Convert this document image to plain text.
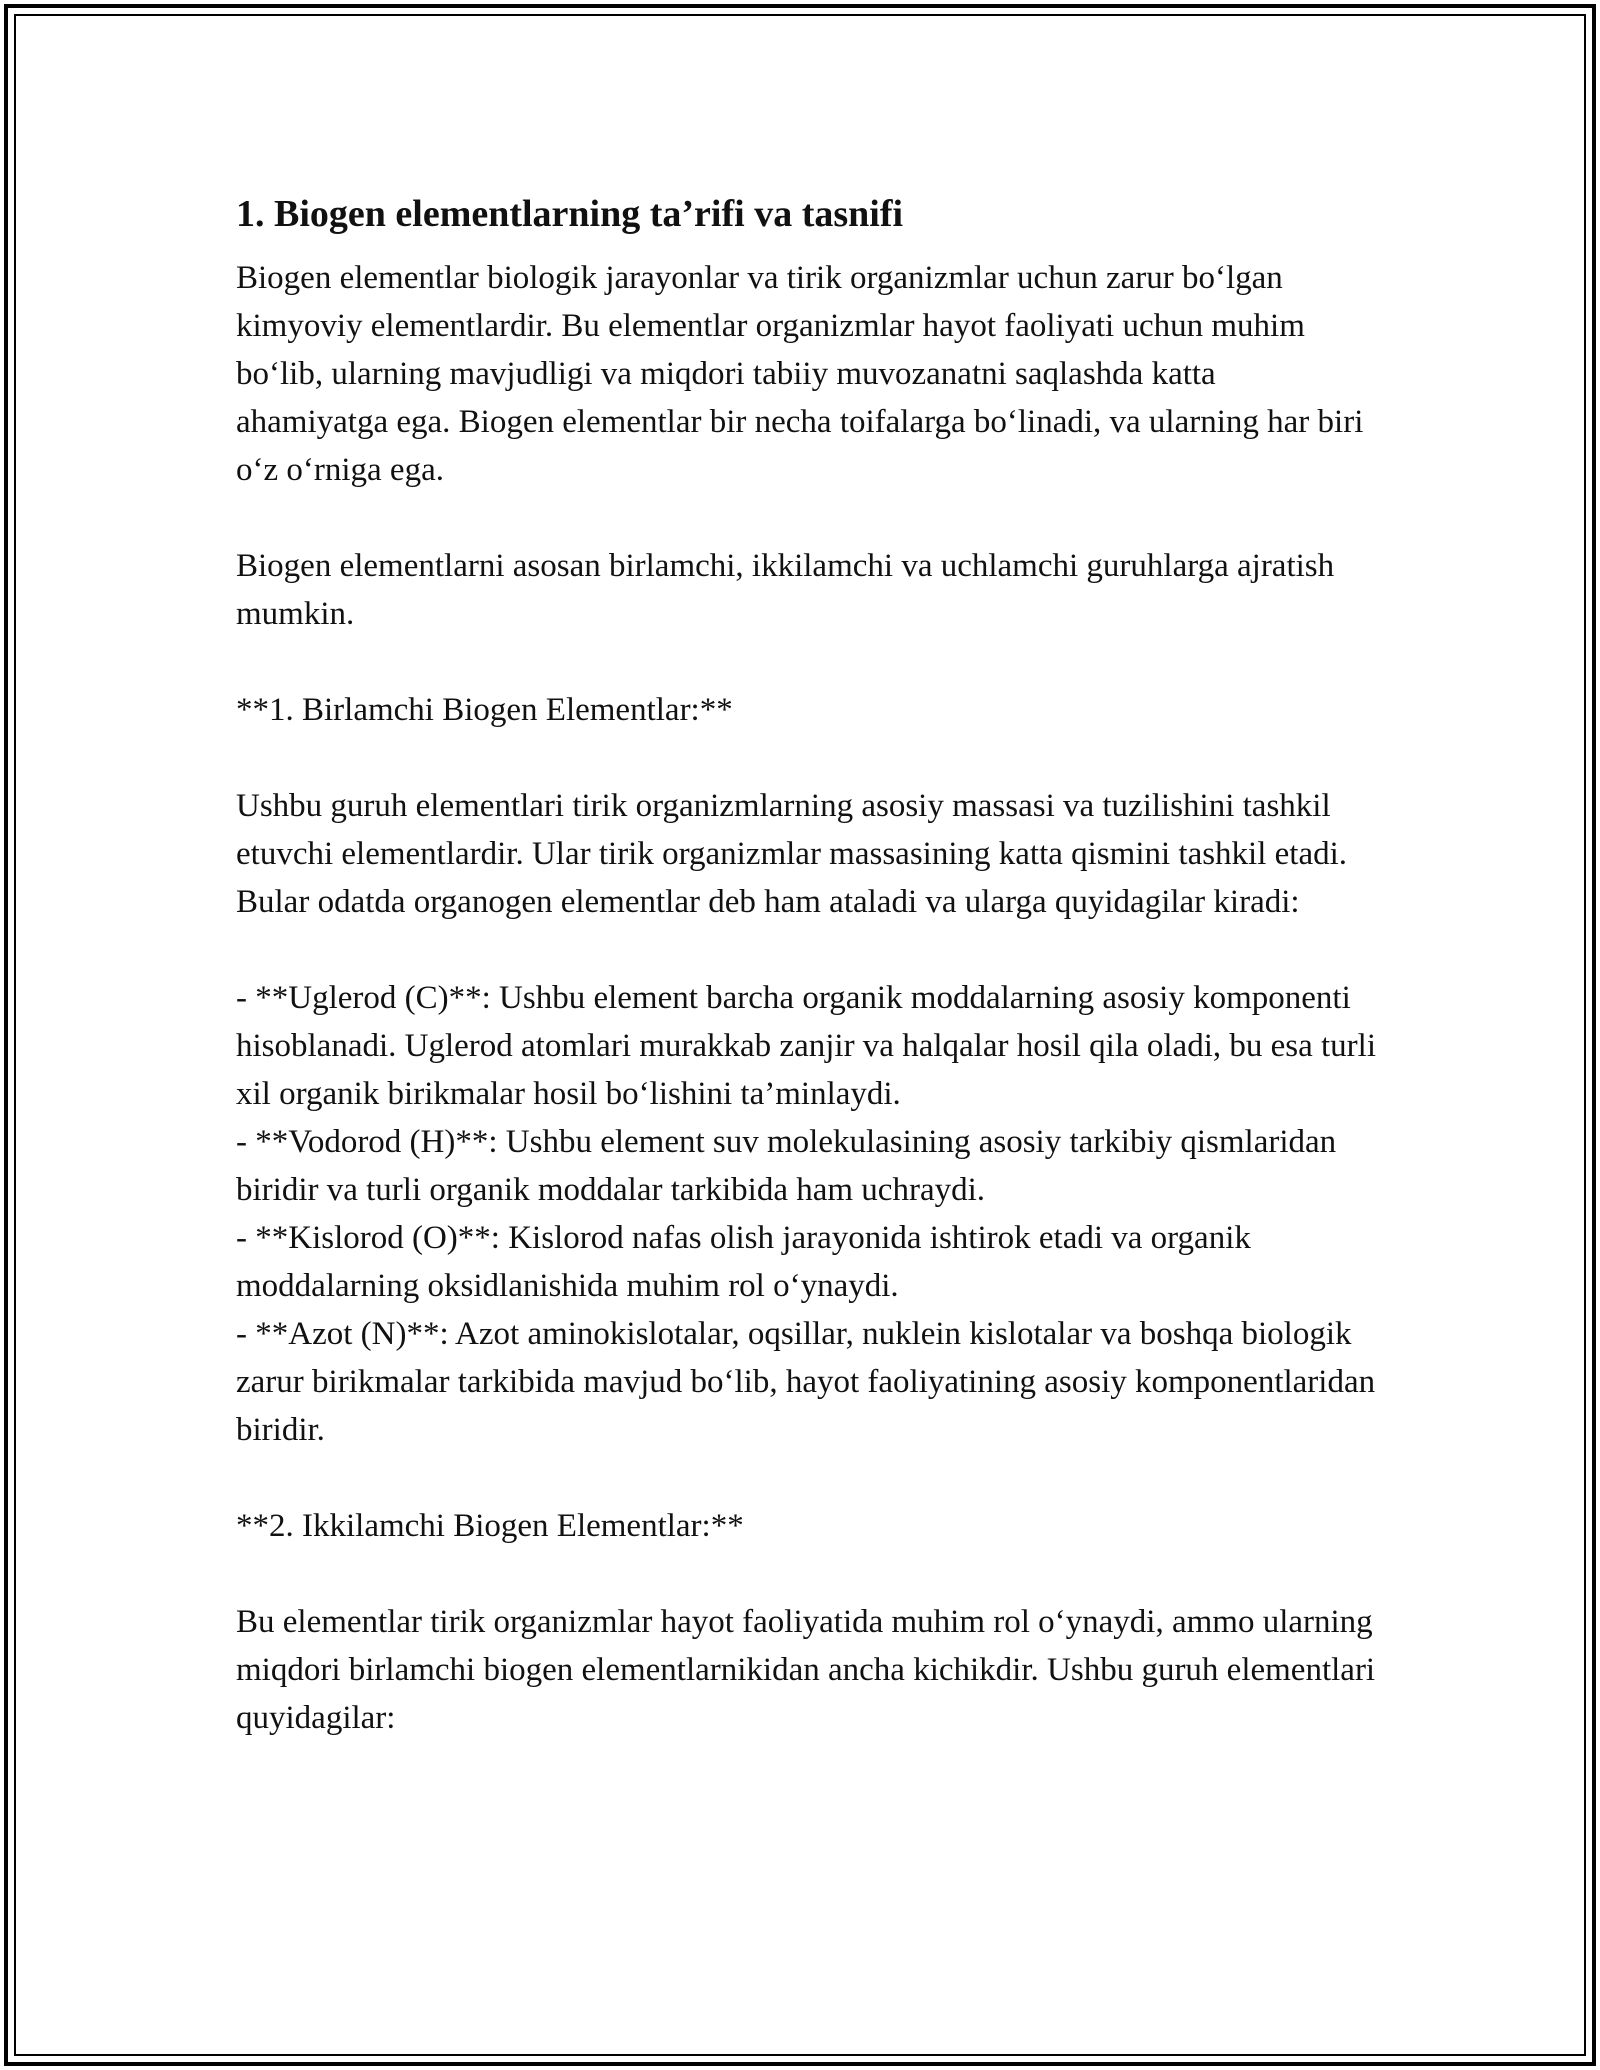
1. Biogen elementlarning ta’rifi va tasnifi

Biogen elementlar biologik jarayonlar va tirik organizmlar uchun zarur bo‘lgan kimyoviy elementlardir. Bu elementlar organizmlar hayot faoliyati uchun muhim bo‘lib, ularning mavjudligi va miqdori tabiiy muvozanatni saqlashda katta ahamiyatga ega. Biogen elementlar bir necha toifalarga bo‘linadi, va ularning har biri o‘z o‘rniga ega.

Biogen elementlarni asosan birlamchi, ikkilamchi va uchlamchi guruhlarga ajratish mumkin.

**1. Birlamchi Biogen Elementlar:**

Ushbu guruh elementlari tirik organizmlarning asosiy massasi va tuzilishini tashkil etuvchi elementlardir. Ular tirik organizmlar massasining katta qismini tashkil etadi. Bular odatda organogen elementlar deb ham ataladi va ularga quyidagilar kiradi:

- **Uglerod (C)**: Ushbu element barcha organik moddalarning asosiy komponenti hisoblanadi. Uglerod atomlari murakkab zanjir va halqalar hosil qila oladi, bu esa turli xil organik birikmalar hosil bo‘lishini ta’minlaydi.

- **Vodorod (H)**: Ushbu element suv molekulasining asosiy tarkibiy qismlaridan biridir va turli organik moddalar tarkibida ham uchraydi.

- **Kislorod (O)**: Kislorod nafas olish jarayonida ishtirok etadi va organik moddalarning oksidlanishida muhim rol o‘ynaydi.

- **Azot (N)**: Azot aminokislotalar, oqsillar, nuklein kislotalar va boshqa biologik zarur birikmalar tarkibida mavjud bo‘lib, hayot faoliyatining asosiy komponentlaridan biridir.

**2. Ikkilamchi Biogen Elementlar:**

Bu elementlar tirik organizmlar hayot faoliyatida muhim rol o‘ynaydi, ammo ularning miqdori birlamchi biogen elementlarnikidan ancha kichikdir. Ushbu guruh elementlari quyidagilar:
